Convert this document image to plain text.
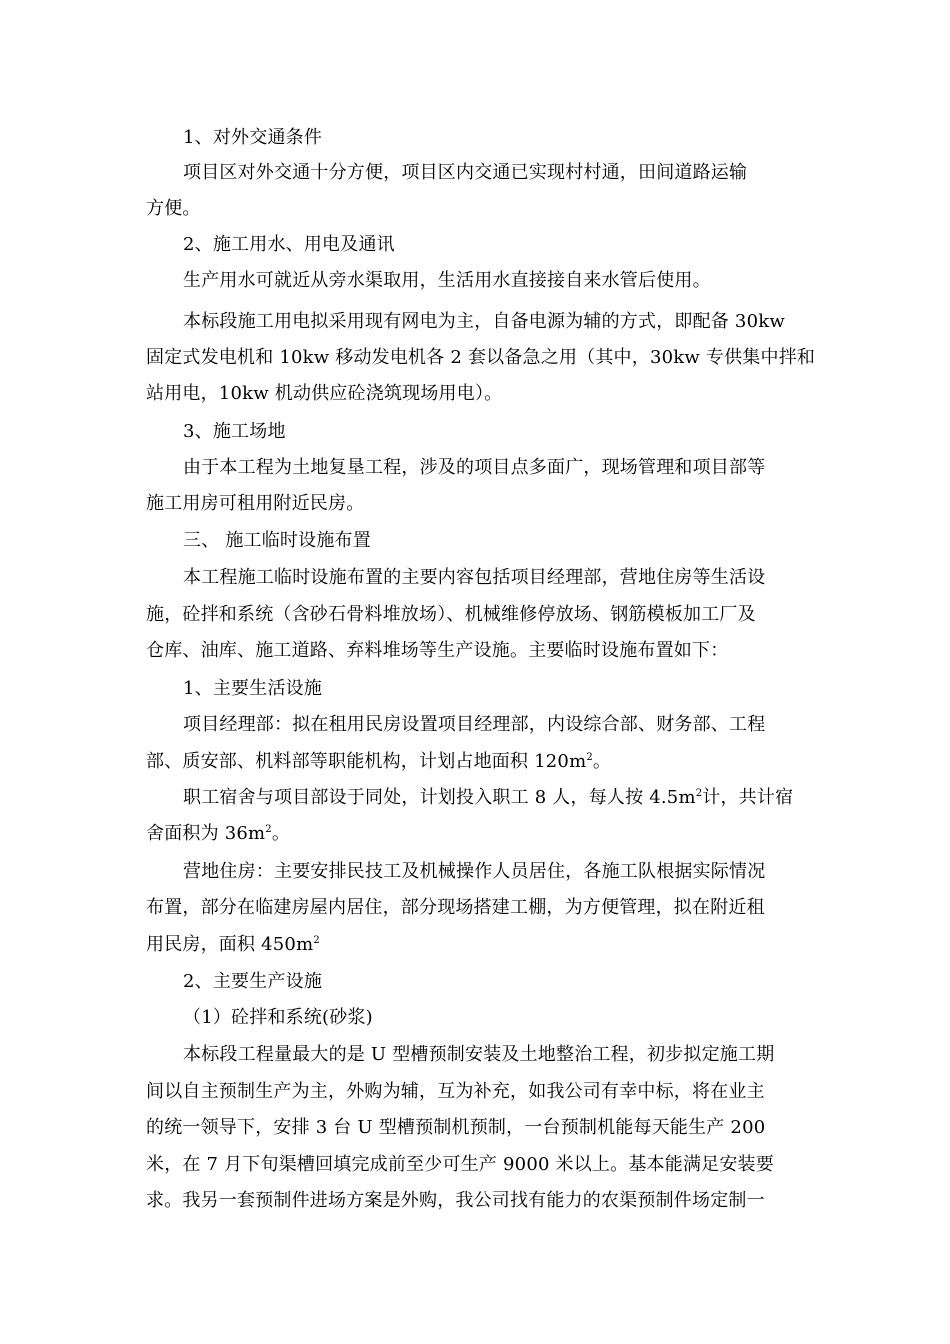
1、对外交通条件
项目区对外交通十分方便，项目区内交通已实现村村通，田间道路运输
方便。
2、施工用水、用电及通讯
生产用水可就近从旁水渠取用，生活用水直接接自来水管后使用。
本标段施工用电拟采用现有网电为主，自备电源为辅的方式，即配备 30kw
固定式发电机和 10kw 移动发电机各 2 套以备急之用（其中，30kw 专供集中拌和
站用电，10kw 机动供应砼浇筑现场用电）。
3、施工场地
由于本工程为土地复垦工程，涉及的项目点多面广，现场管理和项目部等
施工用房可租用附近民房。
三、 施工临时设施布置
本工程施工临时设施布置的主要内容包括项目经理部，营地住房等生活设
施，砼拌和系统（含砂石骨料堆放场）、机械维修停放场、钢筋模板加工厂及
仓库、油库、施工道路、弃料堆场等生产设施。主要临时设施布置如下：
1、主要生活设施
项目经理部：拟在租用民房设置项目经理部，内设综合部、财务部、工程
部、质安部、机料部等职能机构，计划占地面积 $120m^2$。
职工宿舍与项目部设于同处，计划投入职工 8 人，每人按 $4.5m^2$计，共计宿
舍面积为 $36m^2$。
营地住房：主要安排民技工及机械操作人员居住，各施工队根据实际情况
布置，部分在临建房屋内居住，部分现场搭建工棚，为方便管理，拟在附近租
用民房，面积 $450m^2$
2、主要生产设施
（1）砼拌和系统(砂浆)
本标段工程量最大的是 U 型槽预制安装及土地整治工程，初步拟定施工期
间以自主预制生产为主，外购为辅，互为补充，如我公司有幸中标，将在业主
的统一领导下，安排 3 台 U 型槽预制机预制，一台预制机能每天能生产 200
米，在 7 月下旬渠槽回填完成前至少可生产 9000 米以上。基本能满足安装要
求。我另一套预制件进场方案是外购，我公司找有能力的农渠预制件场定制一
